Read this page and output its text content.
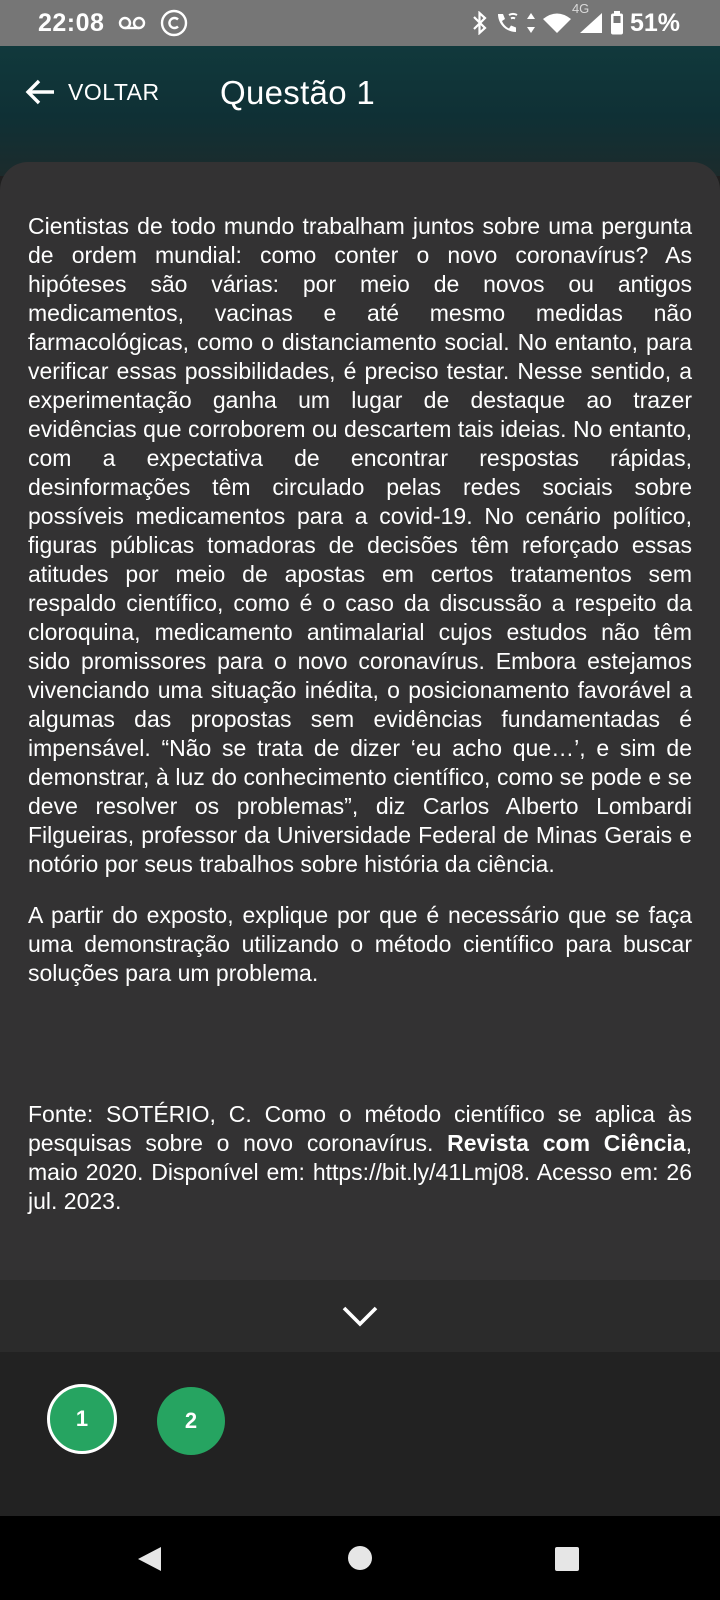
22:08	4G 51%
VOLTAR Questão 1

Cientistas de todo mundo trabalham juntos sobre uma pergunta de ordem mundial: como conter o novo coronavírus? As hipóteses são várias: por meio de novos ou antigos medicamentos, vacinas e até mesmo medidas não farmacológicas, como o distanciamento social. No entanto, para verificar essas possibilidades, é preciso testar. Nesse sentido, a experimentação ganha um lugar de destaque ao trazer evidências que corroborem ou descartem tais ideias. No entanto, com a expectativa de encontrar respostas rápidas, desinformações têm circulado pelas redes sociais sobre possíveis medicamentos para a covid-19. No cenário político, figuras públicas tomadoras de decisões têm reforçado essas atitudes por meio de apostas em certos tratamentos sem respaldo científico, como é o caso da discussão a respeito da cloroquina, medicamento antimalarial cujos estudos não têm sido promissores para o novo coronavírus. Embora estejamos vivenciando uma situação inédita, o posicionamento favorável a algumas das propostas sem evidências fundamentadas é impensável. “Não se trata de dizer ‘eu acho que…’, e sim de demonstrar, à luz do conhecimento científico, como se pode e se deve resolver os problemas”, diz Carlos Alberto Lombardi Filgueiras, professor da Universidade Federal de Minas Gerais e notório por seus trabalhos sobre história da ciência.

A partir do exposto, explique por que é necessário que se faça uma demonstração utilizando o método científico para buscar soluções para um problema.

Fonte: SOTÉRIO, C. Como o método científico se aplica às pesquisas sobre o novo coronavírus. Revista com Ciência, maio 2020. Disponível em: https://bit.ly/41Lmj08. Acesso em: 26 jul. 2023.
1	2
